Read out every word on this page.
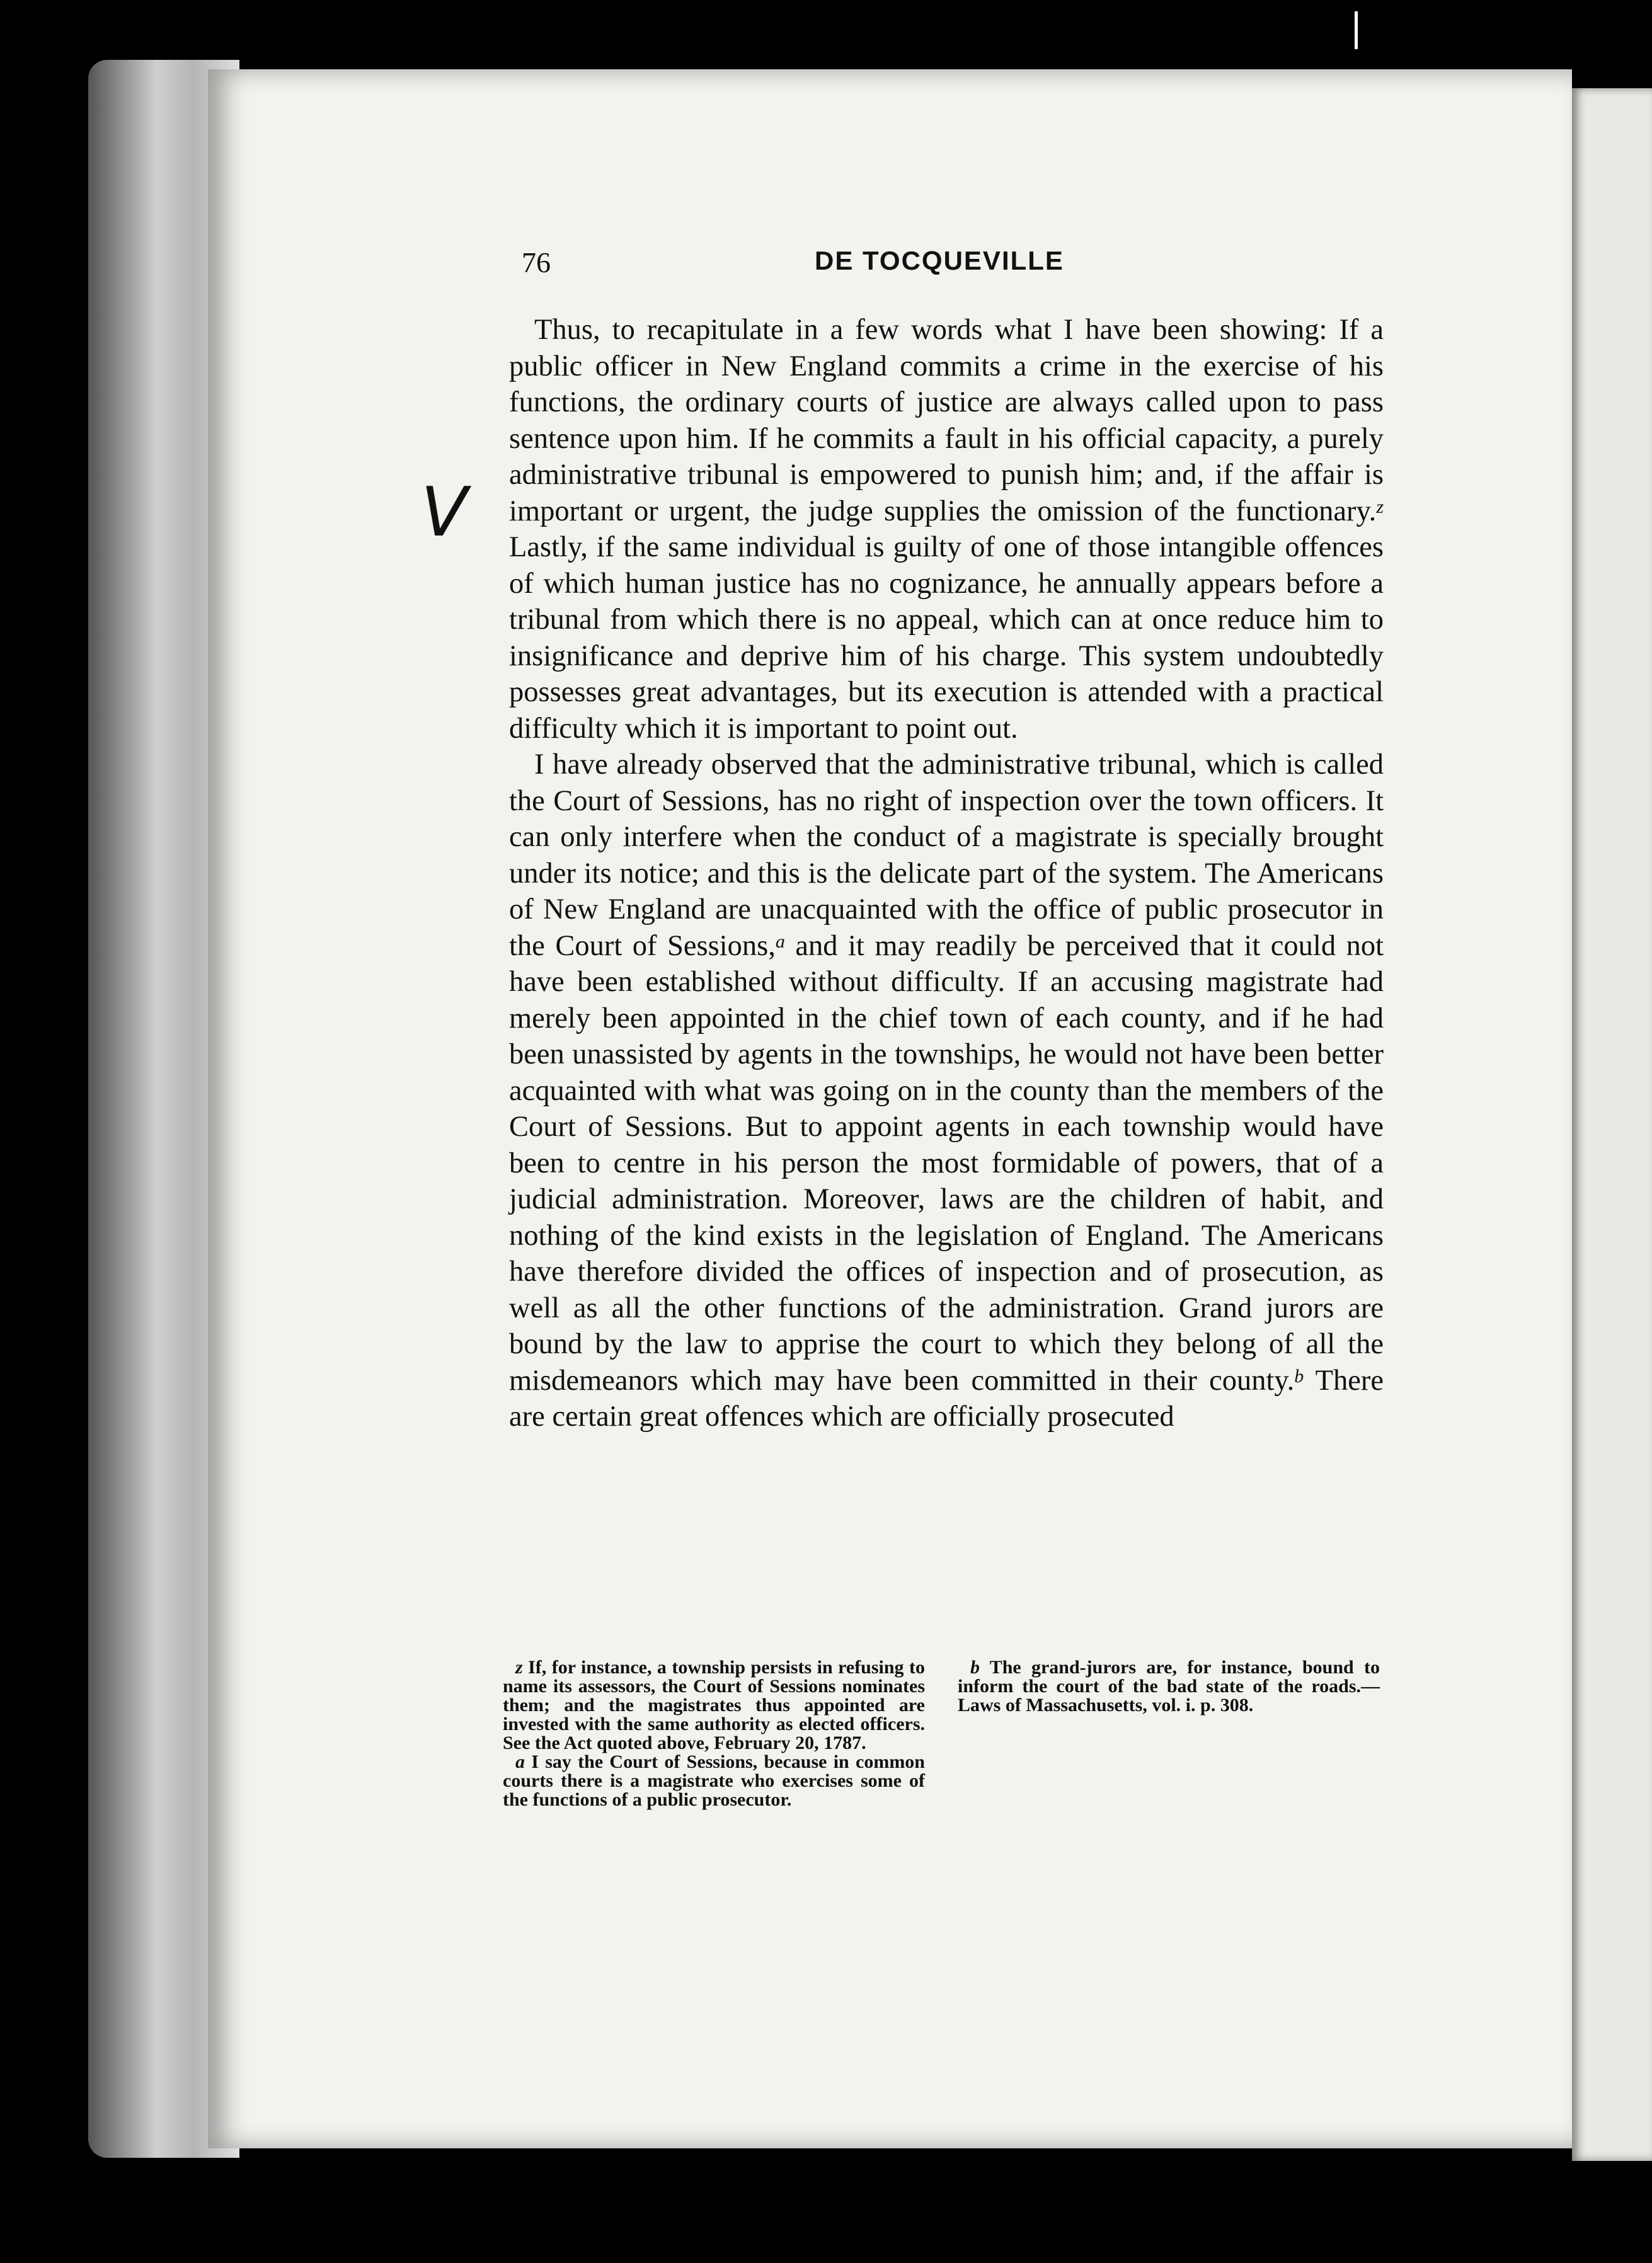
V
76	DE TOCQUEVILLE

Thus, to recapitulate in a few words what I have been showing: If a public officer in New England commits a crime in the exercise of his functions, the ordinary courts of justice are always called upon to pass sentence upon him. If he commits a fault in his official capacity, a purely administrative tribunal is empowered to punish him; and, if the affair is important or urgent, the judge supplies the omission of the functionary.$^z$ Lastly, if the same individual is guilty of one of those intangible offences of which human justice has no cognizance, he annually appears before a tribunal from which there is no appeal, which can at once reduce him to insignificance and deprive him of his charge. This system undoubtedly possesses great advantages, but its execution is attended with a practical difficulty which it is important to point out.

I have already observed that the administrative tribunal, which is called the Court of Sessions, has no right of inspection over the town officers. It can only interfere when the conduct of a magistrate is specially brought under its notice; and this is the delicate part of the system. The Americans of New England are unacquainted with the office of public prosecutor in the Court of Sessions,$^a$ and it may readily be perceived that it could not have been established without difficulty. If an accusing magistrate had merely been appointed in the chief town of each county, and if he had been unassisted by agents in the townships, he would not have been better acquainted with what was going on in the county than the members of the Court of Sessions. But to appoint agents in each township would have been to centre in his person the most formidable of powers, that of a judicial administration. Moreover, laws are the children of habit, and nothing of the kind exists in the legislation of England. The Americans have therefore divided the offices of inspection and of prosecution, as well as all the other functions of the administration. Grand jurors are bound by the law to apprise the court to which they belong of all the misdemeanors which may have been committed in their county.$^b$ There are certain great offences which are officially prosecuted

z If, for instance, a township persists in refusing to name its assessors, the Court of Sessions nominates them; and the magistrates thus appointed are invested with the same authority as elected officers. See the Act quoted above, February 20, 1787.

a I say the Court of Sessions, because in common courts there is a magistrate who exercises some of the functions of a public prosecutor.

b The grand-jurors are, for instance, bound to inform the court of the bad state of the roads.—Laws of Massachusetts, vol. i. p. 308.
